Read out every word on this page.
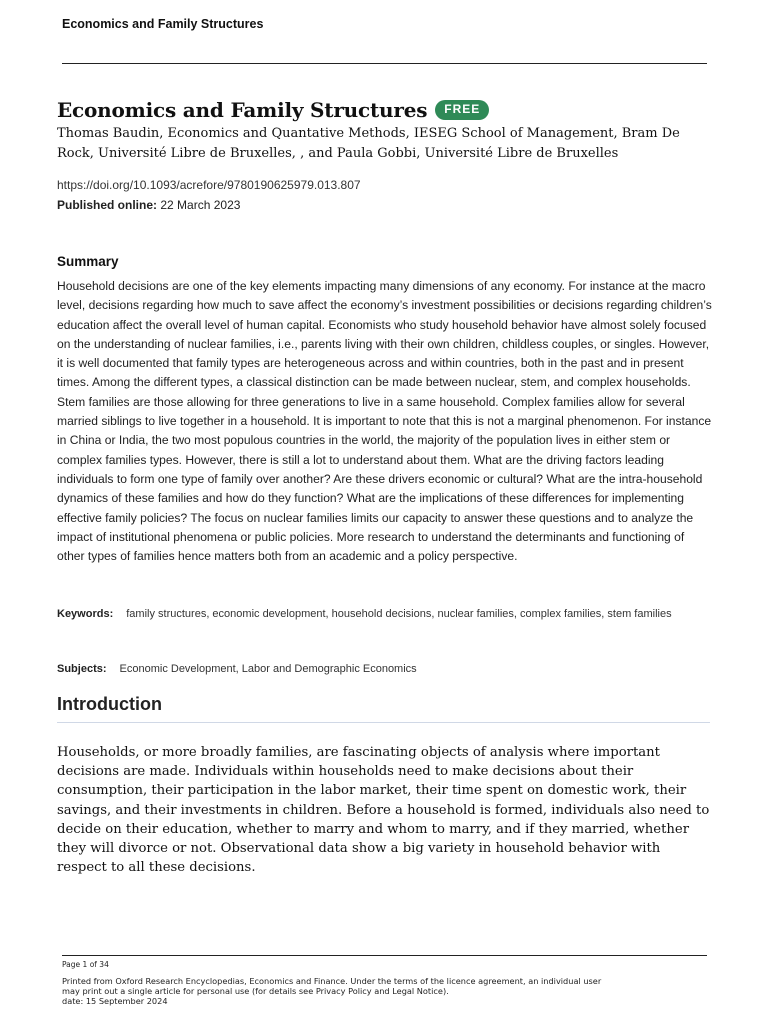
Economics and Family Structures
Economics and Family Structures	FREE
Thomas Baudin, Economics and Quantative Methods, IESEG School of Management, Bram De
Rock, Université Libre de Bruxelles, , and Paula Gobbi, Université Libre de Bruxelles
https://doi.org/10.1093/acrefore/9780190625979.013.807
Published online: 22 March 2023
Summary
Household decisions are one of the key elements impacting many dimensions of any economy. For instance at the macro level, decisions regarding how much to save affect the economy’s investment possibilities or decisions regarding children’s education affect the overall level of human capital. Economists who study household behavior have almost solely focused on the understanding of nuclear families, i.e., parents living with their own children, childless couples, or singles. However, it is well documented that family types are heterogeneous across and within countries, both in the past and in present times. Among the different types, a classical distinction can be made between nuclear, stem, and complex households. Stem families are those allowing for three generations to live in a same household. Complex families allow for several married siblings to live together in a household. It is important to note that this is not a marginal phenomenon. For instance in China or India, the two most populous countries in the world, the majority of the population lives in either stem or complex families types. However, there is still a lot to understand about them. What are the driving factors leading individuals to form one type of family over another? Are these drivers economic or cultural? What are the intra-household dynamics of these families and how do they function? What are the implications of these differences for implementing effective family policies? The focus on nuclear families limits our capacity to answer these questions and to analyze the impact of institutional phenomena or public policies. More research to understand the determinants and functioning of other types of families hence matters both from an academic and a policy perspective.
Keywords: family structures, economic development, household decisions, nuclear families, complex families, stem families
Subjects: Economic Development, Labor and Demographic Economics
Introduction
Households, or more broadly families, are fascinating objects of analysis where important decisions are made. Individuals within households need to make decisions about their consumption, their participation in the labor market, their time spent on domestic work, their savings, and their investments in children. Before a household is formed, individuals also need to decide on their education, whether to marry and whom to marry, and if they married, whether they will divorce or not. Observational data show a big variety in household behavior with respect to all these decisions.
Page 1 of 34
Printed from Oxford Research Encyclopedias, Economics and Finance. Under the terms of the licence agreement, an individual user
may print out a single article for personal use (for details see Privacy Policy and Legal Notice).
date: 15 September 2024
